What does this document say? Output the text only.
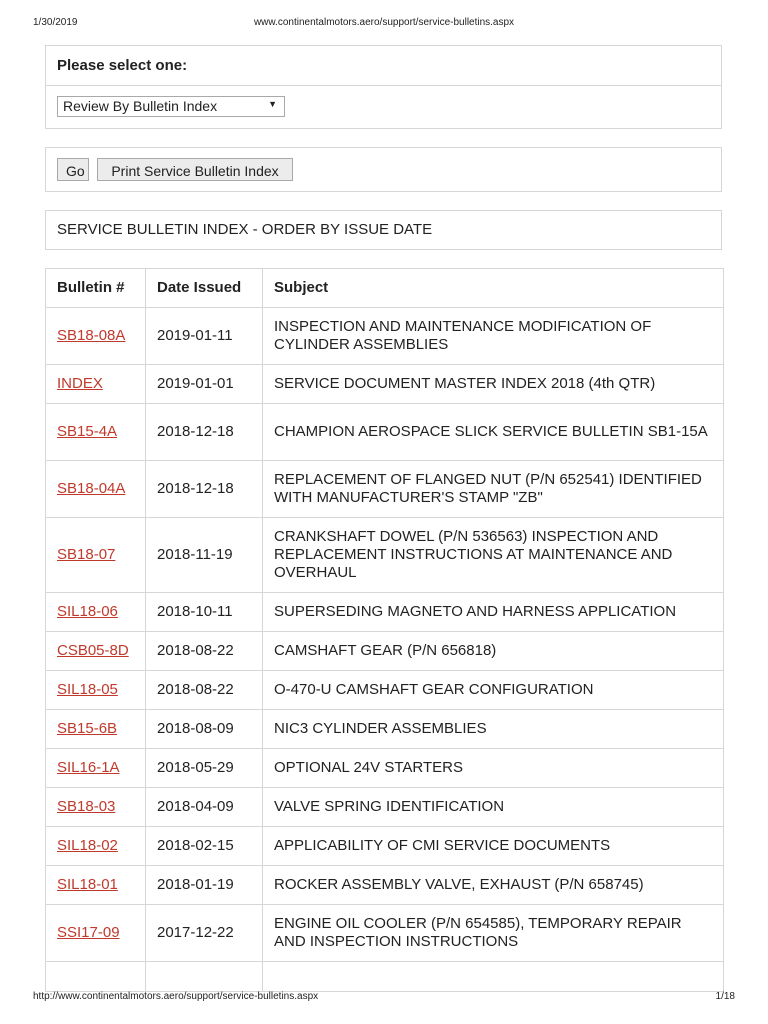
1/30/2019	www.continentalmotors.aero/support/service-bulletins.aspx
Please select one:
Review By Bulletin Index	▼
Go	Print Service Bulletin Index
SERVICE BULLETIN INDEX - ORDER BY ISSUE DATE
Bulletin #	Date Issued	Subject
SB18-08A	2019-01-11	INSPECTION AND MAINTENANCE MODIFICATION OF CYLINDER ASSEMBLIES
INDEX	2019-01-01	SERVICE DOCUMENT MASTER INDEX 2018 (4th QTR)
SB15-4A	2018-12-18	CHAMPION AEROSPACE SLICK SERVICE BULLETIN SB1-15A
SB18-04A	2018-12-18	REPLACEMENT OF FLANGED NUT (P/N 652541) IDENTIFIED WITH MANUFACTURER'S STAMP "ZB"
SB18-07	2018-11-19	CRANKSHAFT DOWEL (P/N 536563) INSPECTION AND REPLACEMENT INSTRUCTIONS AT MAINTENANCE AND OVERHAUL
SIL18-06	2018-10-11	SUPERSEDING MAGNETO AND HARNESS APPLICATION
CSB05-8D	2018-08-22	CAMSHAFT GEAR (P/N 656818)
SIL18-05	2018-08-22	O-470-U CAMSHAFT GEAR CONFIGURATION
SB15-6B	2018-08-09	NIC3 CYLINDER ASSEMBLIES
SIL16-1A	2018-05-29	OPTIONAL 24V STARTERS
SB18-03	2018-04-09	VALVE SPRING IDENTIFICATION
SIL18-02	2018-02-15	APPLICABILITY OF CMI SERVICE DOCUMENTS
SIL18-01	2018-01-19	ROCKER ASSEMBLY VALVE, EXHAUST (P/N 658745)
SSI17-09	2017-12-22	ENGINE OIL COOLER (P/N 654585), TEMPORARY REPAIR AND INSPECTION INSTRUCTIONS

http://www.continentalmotors.aero/support/service-bulletins.aspx	1/18
